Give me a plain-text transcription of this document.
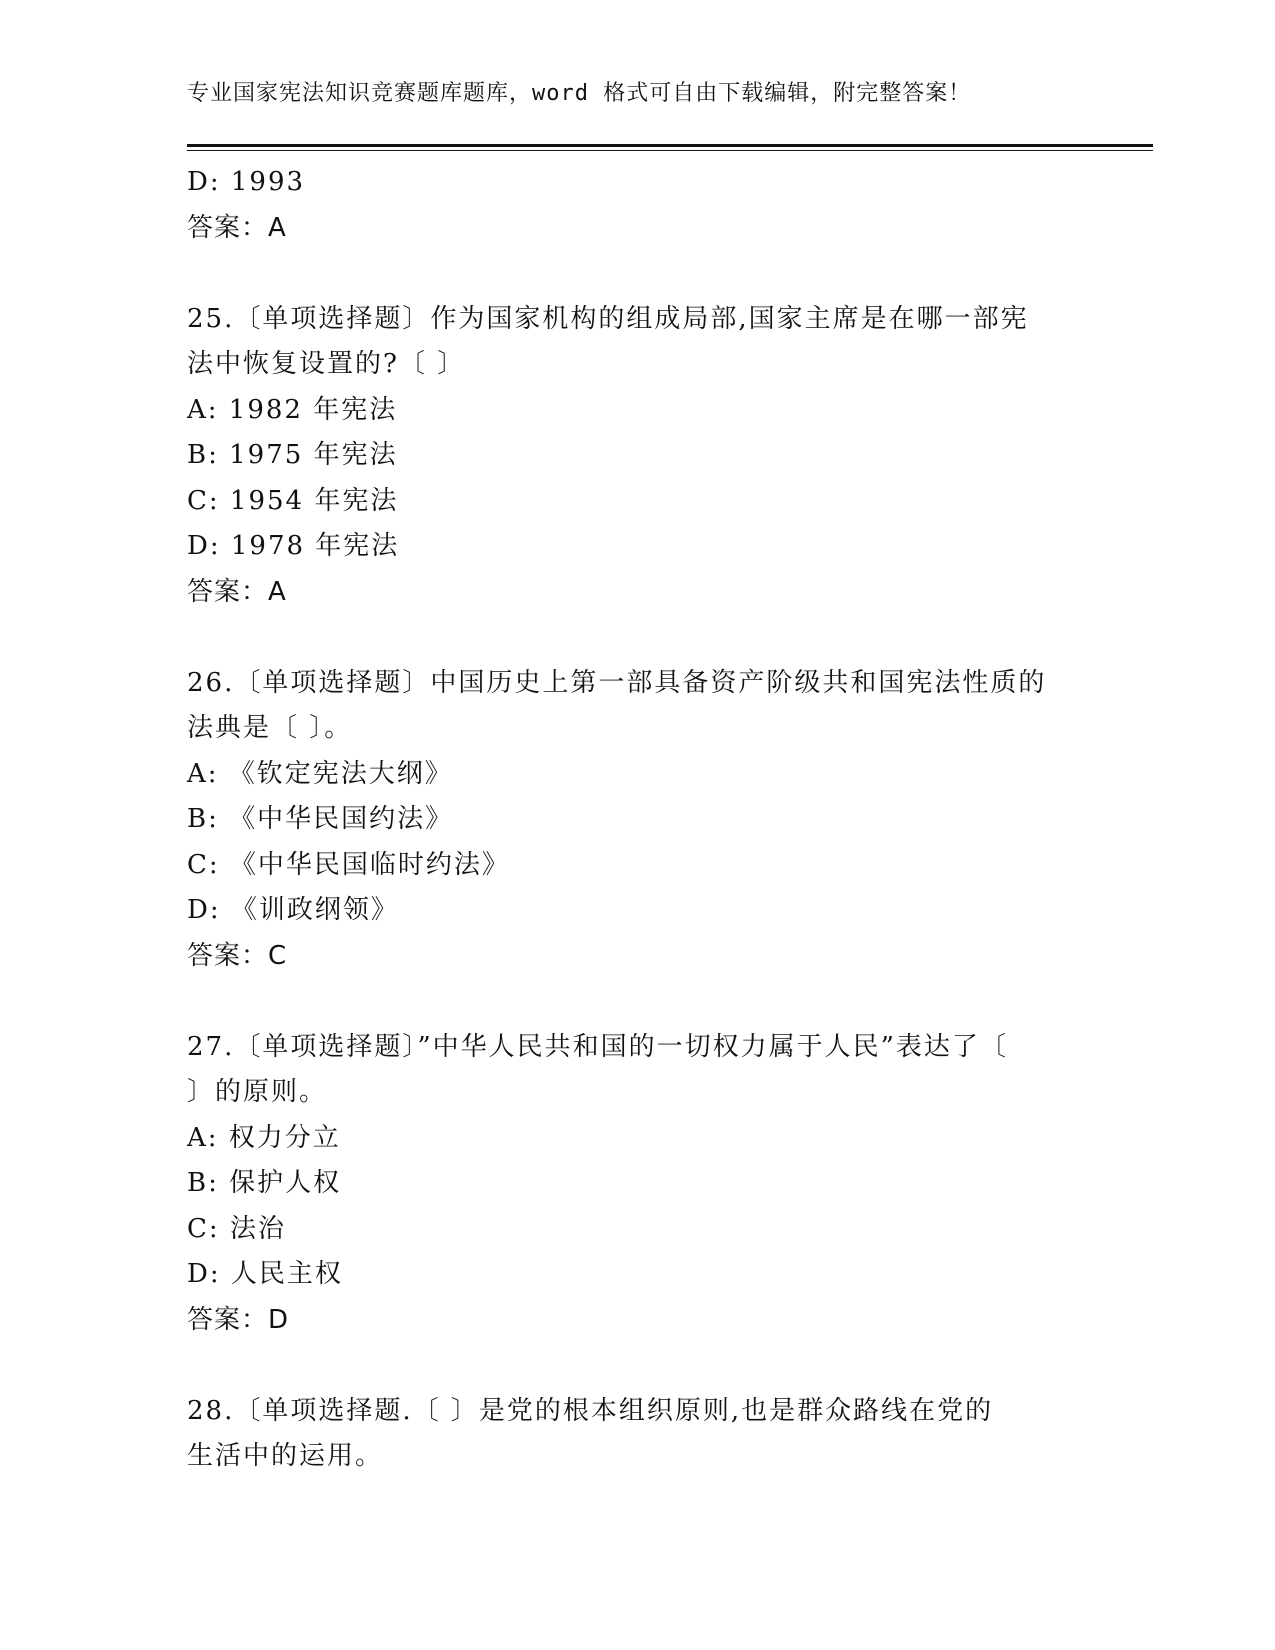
专业国家宪法知识竞赛题库题库，word 格式可自由下载编辑，附完整答案！
D: 1993
答案：A
25.〔单项选择题〕作为国家机构的组成局部,国家主席是在哪一部宪
法中恢复设置的?〔 〕
A: 1982 年宪法
B: 1975 年宪法
C: 1954 年宪法
D: 1978 年宪法
答案：A
26.〔单项选择题〕中国历史上第一部具备资产阶级共和国宪法性质的
法典是〔 〕。
A: 《钦定宪法大纲》
B: 《中华民国约法》
C: 《中华民国临时约法》
D: 《训政纲领》
答案：C
27.〔单项选择题〕”中华人民共和国的一切权力属于人民”表达了〔
〕的原则。
A: 权力分立
B: 保护人权
C: 法治
D: 人民主权
答案：D
28.〔单项选择题.〔 〕是党的根本组织原则,也是群众路线在党的
生活中的运用。
